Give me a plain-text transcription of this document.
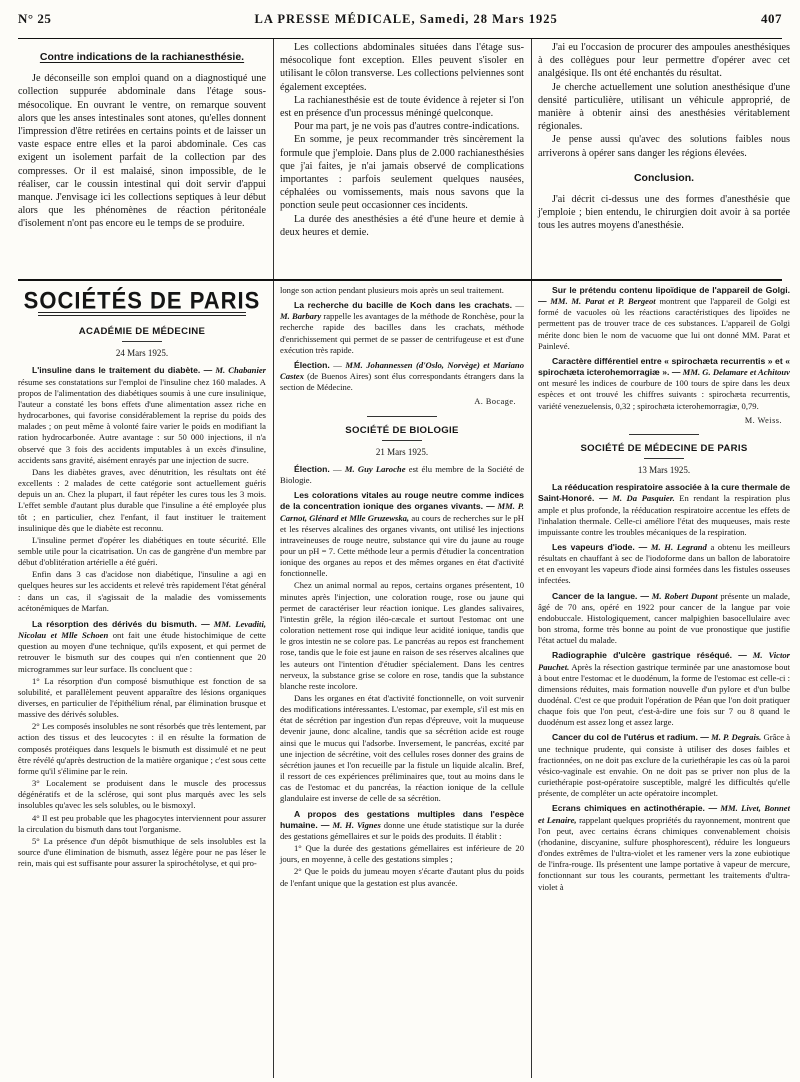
N° 25	LA PRESSE MÉDICALE, Samedi, 28 Mars 1925	407
Contre indications de la rachianesthésie.

Je déconseille son emploi quand on a diagnostiqué une collection suppurée abdominale dans l'étage sous-mésocolique. En ouvrant le ventre, on remarque souvent alors que les anses intestinales sont atones, qu'elles donnent l'impression d'être retirées en certains points et de laisser un vaste espace entre elles et la paroi abdominale. Ces cas exigent un isolement parfait de la collection par des compresses. Or il est malaisé, sinon impossible, de le réaliser, car le coussin intestinal qui doit servir d'appui manque. J'envisage ici les collections septiques à leur début alors que les phénomènes de réaction péritonéale d'isolement n'ont pas encore eu le temps de se produire.

Les collections abdominales situées dans l'étage sus-mésocolique font exception. Elles peuvent s'isoler en utilisant le côlon transverse. Les collections pelviennes sont également exceptées.

La rachianesthésie est de toute évidence à rejeter si l'on est en présence d'un processus méningé quelconque.

Pour ma part, je ne vois pas d'autres contre-indications.

En somme, je peux recommander très sincèrement la formule que j'emploie. Dans plus de 2.000 rachianesthésies que j'ai faites, je n'ai jamais observé de complications importantes : parfois seulement quelques nausées, céphalées ou vomissements, mais nous savons que la ponction seule peut occasionner ces incidents.

La durée des anesthésies a été d'une heure et demie à deux heures et demie.

J'ai eu l'occasion de procurer des ampoules anesthésiques à des collègues pour leur permettre d'opérer avec cet analgésique. Ils ont été enchantés du résultat.

Je cherche actuellement une solution anesthésique d'une densité particulière, utilisant un véhicule approprié, de manière à obtenir ainsi des anesthésies véritablement régionales.

Je pense aussi qu'avec des solutions faibles nous arriverons à opérer sans danger les régions élevées.

Conclusion.

J'ai décrit ci-dessus une des formes d'anesthésie que j'emploie ; bien entendu, le chirurgien doit avoir à sa portée tous les autres moyens d'anesthésie.

SOCIÉTÉS DE PARIS
ACADÉMIE DE MÉDECINE
24 Mars 1925.

L'insuline dans le traitement du diabète. — M. Chabanier résume ses constatations sur l'emploi de l'insuline chez 160 malades. A propos de l'alimentation des diabétiques soumis à une cure insulinique, l'auteur a constaté les bons effets d'une alimentation assez riche en hydrocarbones, qui favorise considérablement la reprise du poids des malades ; on peut même à volonté faire varier le poids en modifiant la ration hydrocarbonée. Autre avantage : sur 50 000 injections, il n'a observé que 3 fois des accidents imputables à un excès d'insuline, accidents sans gravité, aisément enrayés par une injection de sucre.

Dans les diabètes graves, avec dénutrition, les résultats ont été excellents : 2 malades de cette catégorie sont actuellement guéris depuis un an. Chez la plupart, il faut répéter les cures tous les 3 mois. L'effet semble d'autant plus durable que l'insuline a été employée plus tôt ; en particulier, chez l'enfant, il faut instituer le traitement insulinique dès que le diabète est reconnu.

L'insuline permet d'opérer les diabétiques en toute sécurité. Elle semble utile pour la cicatrisation. Un cas de gangrène d'un membre par début d'oblitération artérielle a été guéri.

Enfin dans 3 cas d'acidose non diabétique, l'insuline a agi en quelques heures sur les accidents et relevé très rapidement l'état général : dans un cas, il s'agissait de la maladie des vomissements acétonémiques de Marfan.

La résorption des dérivés du bismuth. — MM. Levaditi, Nicolau et Mlle Schoen ont fait une étude histochimique de cette question au moyen d'une technique, qu'ils exposent, et qui permet de retrouver le bismuth sur des coupes qui n'en contiennent que 20 microgrammes sur leur surface. Ils concluent que :

1° La résorption d'un composé bismuthique est fonction de sa solubilité, et parallèlement peuvent apparaître des lésions organiques diverses, en particulier de l'épithélium rénal, par élimination brusque et massive des dérivés solubles.

2° Les composés insolubles ne sont résorbés que très lentement, par action des tissus et des leucocytes : il en résulte la formation de composés protéiques dans lesquels le bismuth est dissimulé et ne peut être révélé qu'après destruction de la matière organique ; c'est sous cette forme qu'il s'élimine par le rein.

3° Localement se produisent dans le muscle des processus dégénératifs et de la sclérose, qui sont plus marqués avec les sels insolubles qu'avec les sels solubles, ou le bismoxyl.

4° Il est peu probable que les phagocytes interviennent pour assurer la circulation du bismuth dans tout l'organisme.

5° La présence d'un dépôt bismuthique de sels insolubles est la source d'une élimination de bismuth, assez légère pour ne pas léser le rein, mais qui est suffisante pour assurer la spirochétolyse, et qui pro-

longe son action pendant plusieurs mois après un seul traitement.

La recherche du bacille de Koch dans les crachats. — M. Barbary rappelle les avantages de la méthode de Ronchèse, pour la recherche rapide des bacilles dans les crachats, méthode d'enrichissement qui permet de se passer de centrifugeuse et est d'une exécution très rapide.

Élection. — MM. Johannessen (d'Oslo, Norvège) et Mariano Castex (de Buenos Aires) sont élus correspondants étrangers dans la section de Médecine.

A. Bocage.

SOCIÉTÉ DE BIOLOGIE
21 Mars 1925.

Élection. — M. Guy Laroche est élu membre de la Société de Biologie.

Les colorations vitales au rouge neutre comme indices de la concentration ionique des organes vivants. — MM. P. Carnot, Glénard et Mlle Gruzewska, au cours de recherches sur le pH et les réserves alcalines des organes vivants, ont utilisé les injections intraveineuses de rouge neutre, substance qui vire du jaune au rouge pour un pH = 7. Cette méthode leur a permis d'étudier la concentration ionique des organes au repos et des mêmes organes en état d'activité fonctionnelle.

Chez un animal normal au repos, certains organes présentent, 10 minutes après l'injection, une coloration rouge, rose ou jaune qui permet de caractériser leur réaction ionique. Les glandes salivaires, l'intestin grêle, la région iléo-cæcale et surtout l'estomac ont une coloration nettement rose qui indique leur acidité ionique, tandis que le gros intestin ne se colore pas. Le pancréas au repos est franchement rose, tandis que le foie est jaune en raison de ses réserves alcalines que les auteurs ont l'intention d'étudier spécialement. Dans les centres nerveux, la substance grise se colore en rose, tandis que la substance blanche reste incolore.

Dans les organes en état d'activité fonctionnelle, on voit survenir des modifications intéressantes. L'estomac, par exemple, s'il est mis en état de sécrétion par ingestion d'un repas d'épreuve, voit la muqueuse devenir jaune, donc alcaline, tandis que sa sécrétion acide est rouge ainsi que le mucus qui l'adsorbe. Inversement, le pancréas, excité par une injection de sécrétine, voit des cellules roses donner des grains de sécrétion jaunes et l'on recueille par la fistule un liquide alcalin. Bref, il ressort de ces expériences préliminaires que, tout au moins dans le cas de l'estomac et du pancréas, la réaction ionique de la cellule glandulaire est inverse de celle de sa sécrétion.

A propos des gestations multiples dans l'espèce humaine. — M. H. Vignes donne une étude statistique sur la durée des gestations gémellaires et sur le poids des produits. Il établit :

1° Que la durée des gestations gémellaires est inférieure de 20 jours, en moyenne, à celle des gestations simples ;

2° Que le poids du jumeau moyen s'écarte d'autant plus du poids de l'enfant unique que la gestation est plus avancée.

Sur le prétendu contenu lipoïdique de l'appareil de Golgi. — MM. M. Parat et P. Bergeot montrent que l'appareil de Golgi est formé de vacuoles où les réactions caractéristiques des lipoïdes ne permettent pas de trouver trace de ces substances. L'appareil de Golgi mérite donc bien le nom de vacuome que lui ont donné MM. Parat et Painlevé.

Caractère différentiel entre « spirochæta recurrentis » et « spirochæta icterohemorragiæ ». — MM. G. Delamare et Achitouv ont mesuré les indices de courbure de 100 tours de spire dans les deux espèces et ont trouvé les chiffres suivants : spirochæta recurrentis, variété venezuelensis, 0,32 ; spirochæta icterohemorragiæ, 0,79.

M. Weiss.

SOCIÉTÉ DE MÉDECINE DE PARIS
13 Mars 1925.

La rééducation respiratoire associée à la cure thermale de Saint-Honoré. — M. Da Pasquier. En rendant la respiration plus ample et plus profonde, la rééducation respiratoire accentue les effets de l'inhalation thermale. Celle-ci améliore l'état des muqueuses, mais reste impuissante contre les troubles mécaniques de la respiration.

Les vapeurs d'iode. — M. H. Legrand a obtenu les meilleurs résultats en chauffant à sec de l'iodoforme dans un ballon de laboratoire et en envoyant les vapeurs d'iode ainsi formées dans les fistules osseuses infectées.

Cancer de la langue. — M. Robert Dupont présente un malade, âgé de 70 ans, opéré en 1922 pour cancer de la langue par voie endobuccale. Histologiquement, cancer malpighien basocellulaire avec bon stroma, forme très bonne au point de vue pronostique que justifie l'état actuel du malade.

Radiographie d'ulcère gastrique réséqué. — M. Victor Pauchet. Après la résection gastrique terminée par une anastomose bout à bout entre l'estomac et le duodénum, la forme de l'estomac est celle-ci : dimensions réduites, mais formation nouvelle d'un pylore et d'un bulbe duodénal. C'est ce que produit l'opération de Péan que l'on doit pratiquer chaque fois que l'on peut, c'est-à-dire une fois sur 7 ou 8 quand le duodénum est assez long et assez large.

Cancer du col de l'utérus et radium. — M. P. Degrais. Grâce à une technique prudente, qui consiste à utiliser des doses faibles et fractionnées, on ne doit pas exclure de la curiethérapie les cas où la paroi vésico-vaginale est envahie. On ne doit pas se priver non plus de la curiethérapie post-opératoire susceptible, malgré les difficultés qu'elle présente, de compléter un acte opératoire incomplet.

Ecrans chimiques en actinothérapie. — MM. Livet, Bonnet et Lenaire, rappelant quelques propriétés du rayonnement, montrent que l'on peut, avec certains écrans chimiques convenablement choisis (rhodanine, discyanine, sulfure phosphorescent), réduire les longueurs d'ondes extrêmes de l'ultra-violet et les ramener vers la zone eubiotique de l'infra-rouge. Ils présentent une lampe portative à vapeur de mercure, fonctionnant sur tous les courants, permettant les traitements d'ultra-violet à
